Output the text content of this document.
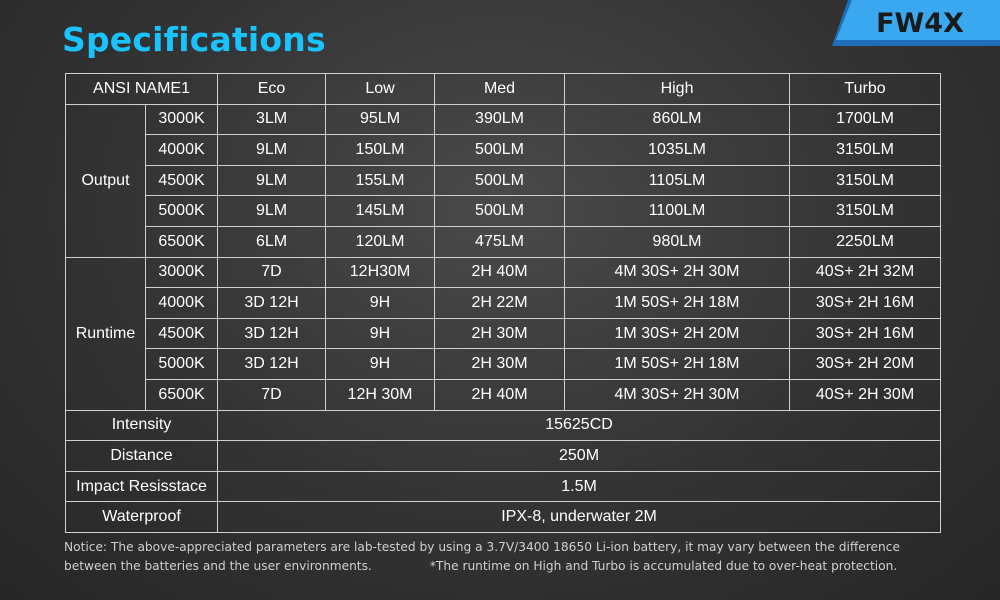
Specifications	FW4X
ANSI NAME1		Eco	Low	Med	High	Turbo
Output	3000K	3LM	95LM	390LM	860LM	1700LM
	4000K	9LM	150LM	500LM	1035LM	3150LM
	4500K	9LM	155LM	500LM	1105LM	3150LM
	5000K	9LM	145LM	500LM	1100LM	3150LM
	6500K	6LM	120LM	475LM	980LM	2250LM
Runtime	3000K	7D	12H30M	2H 40M	4M 30S+ 2H 30M	40S+ 2H 32M
	4000K	3D 12H	9H	2H 22M	1M 50S+ 2H 18M	30S+ 2H 16M
	4500K	3D 12H	9H	2H 30M	1M 30S+ 2H 20M	30S+ 2H 16M
	5000K	3D 12H	9H	2H 30M	1M 50S+ 2H 18M	30S+ 2H 20M
	6500K	7D	12H 30M	2H 40M	4M 30S+ 2H 30M	40S+ 2H 30M
Intensity		15625CD				
Distance		250M				
Impact Resisstace		1.5M				
Waterproof		IPX-8, underwater 2M				
Notice: The above-appreciated parameters are lab-tested by using a 3.7V/3400 18650 Li-ion battery, it may vary between the difference
between the batteries and the user environments.	*The runtime on High and Turbo is accumulated due to over-heat protection.
